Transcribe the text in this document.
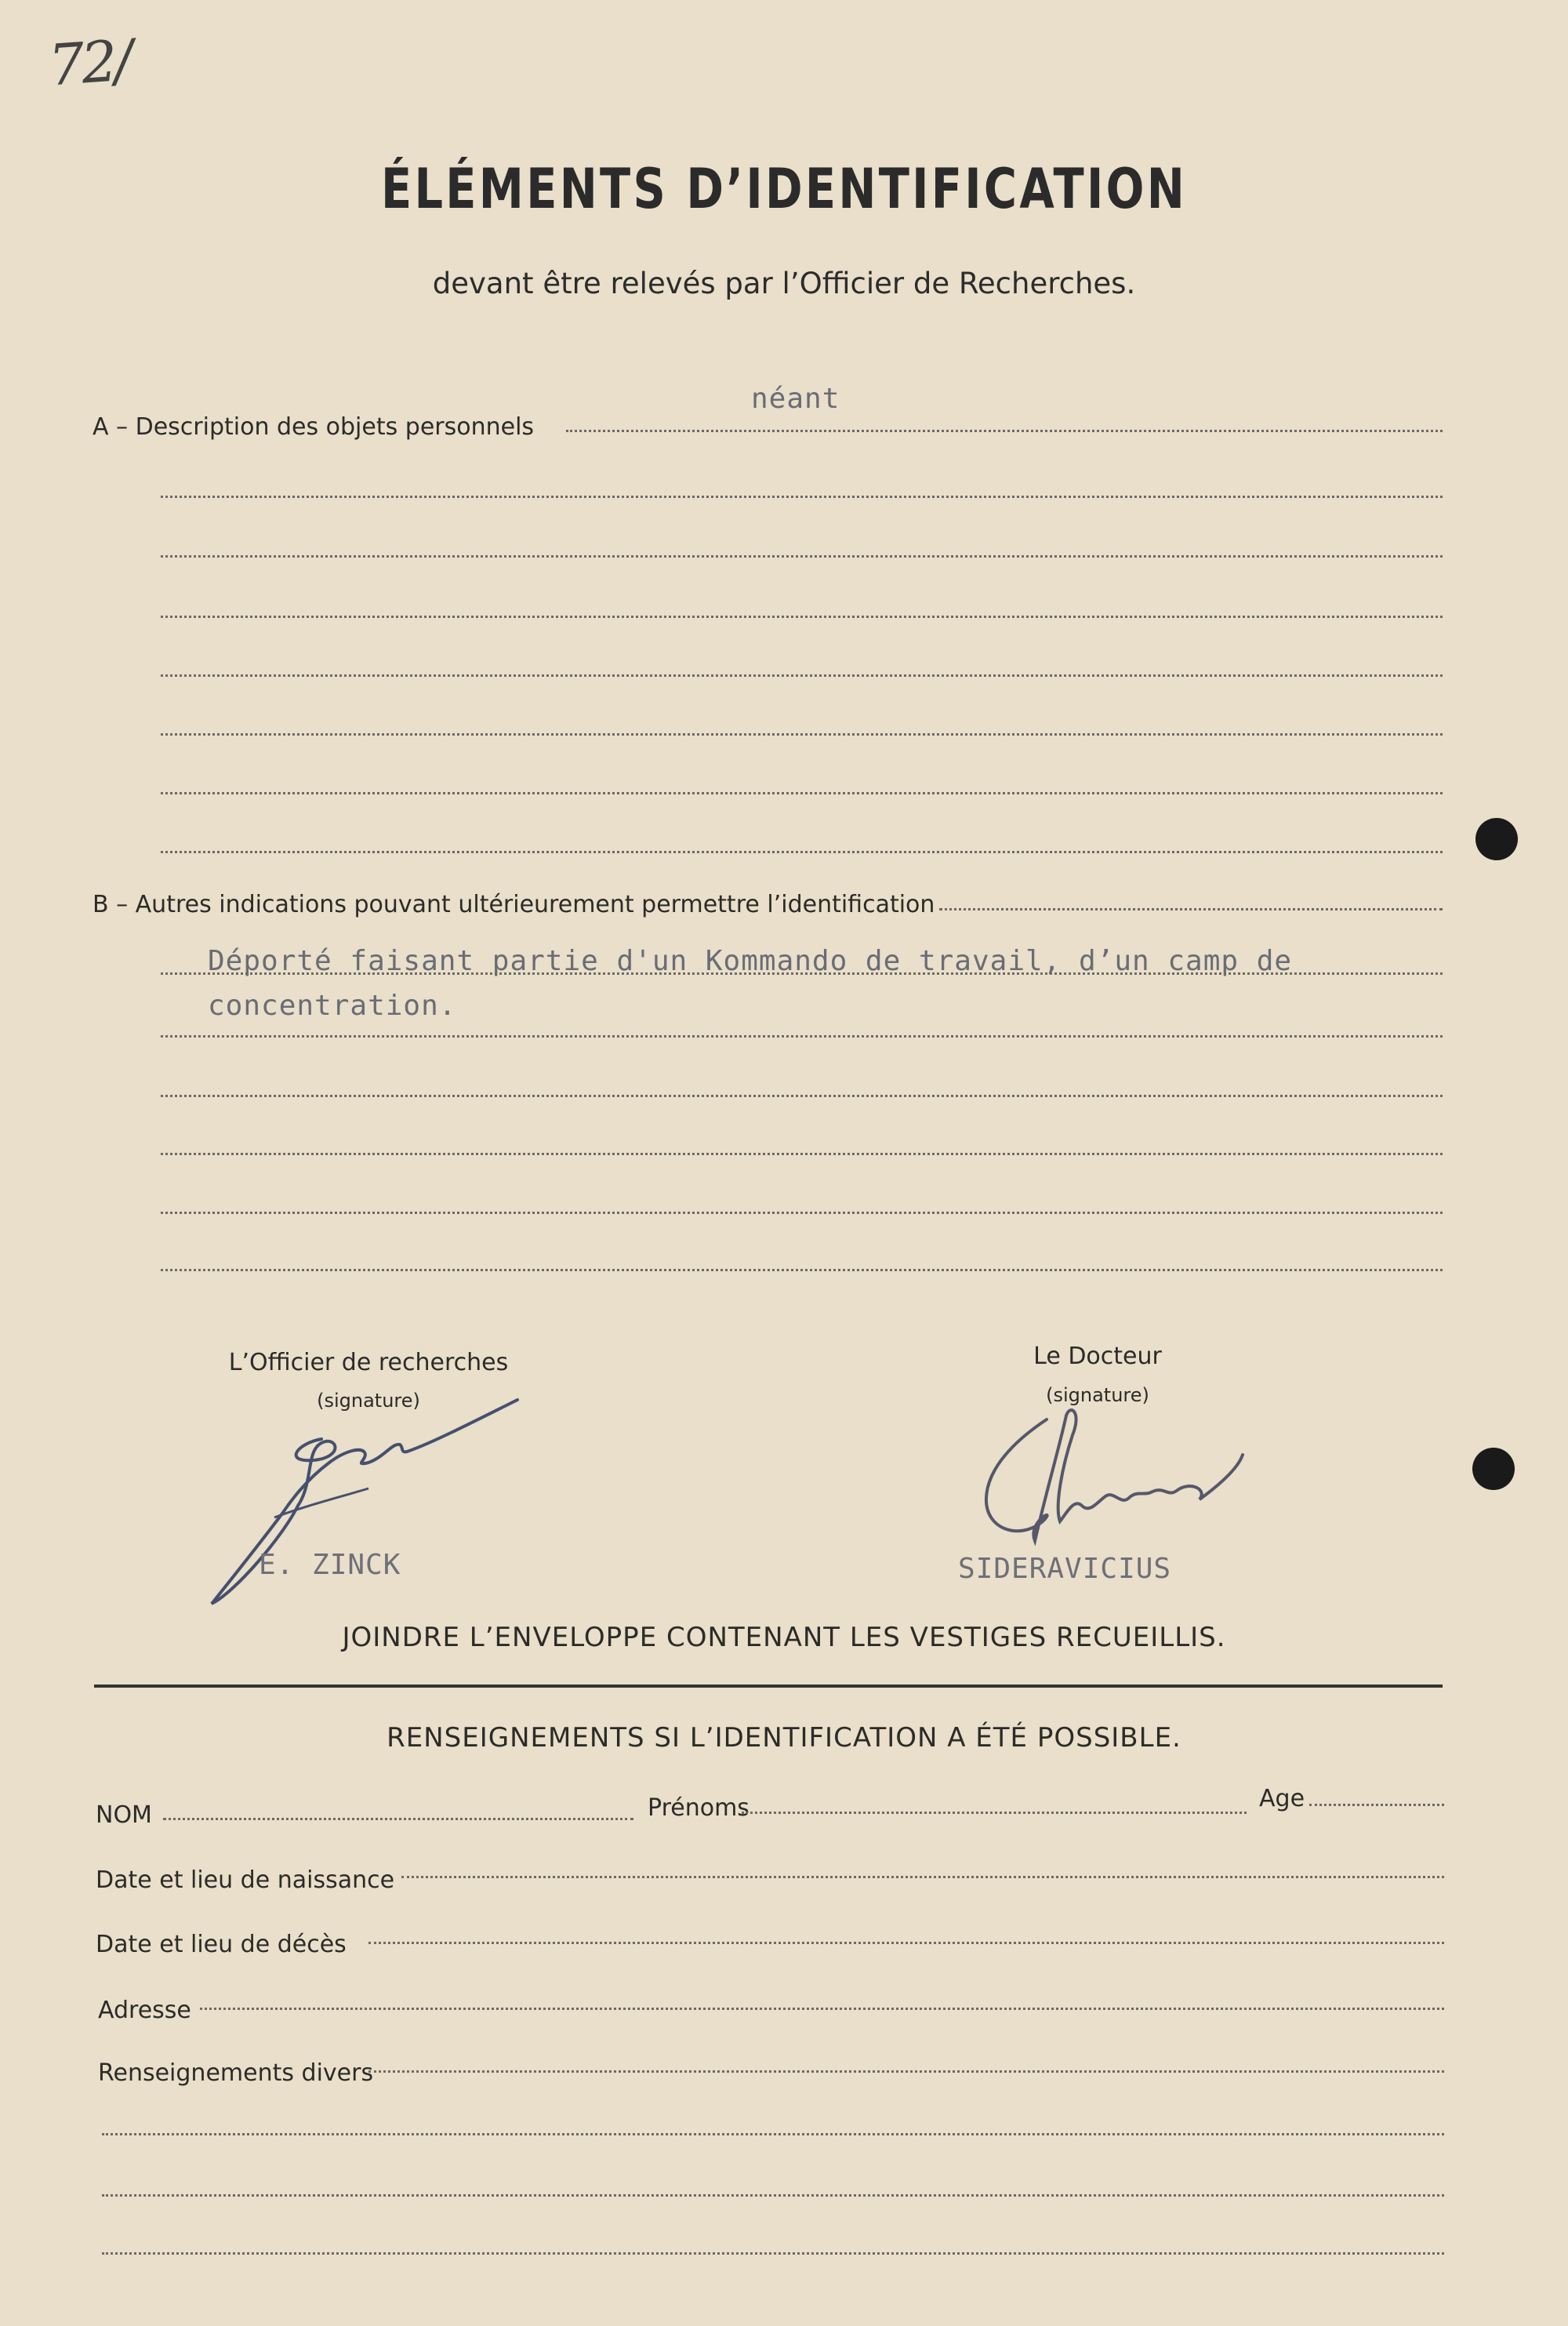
72/
ÉLÉMENTS D’IDENTIFICATION
devant être relevés par l’Officier de Recherches.
A – Description des objets personnels
néant
B – Autres indications pouvant ultérieurement permettre l’identification
Déporté faisant partie dꞌun Kommando de travail, d’un camp de
concentration.
L’Officier de recherches
(signature)
E. ZINCK
Le Docteur
(signature)
SIDERAVICIUS
JOINDRE L’ENVELOPPE CONTENANT LES VESTIGES RECUEILLIS.
RENSEIGNEMENTS SI L’IDENTIFICATION A ÉTÉ POSSIBLE.
NOM	Prénoms	Age
Date et lieu de naissance
Date et lieu de décès
Adresse
Renseignements divers
